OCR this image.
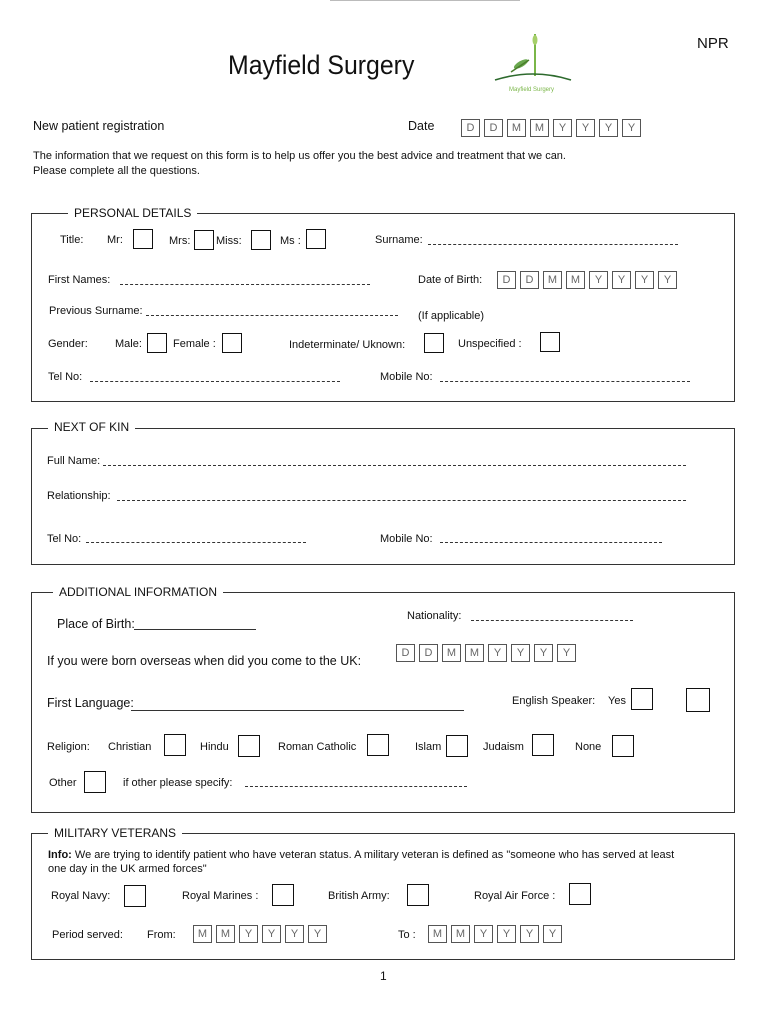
Mayfield Surgery
NPR
Mayfield Surgery
New patient registration	Date	D D M M Y Y Y Y
The information that we request on this form is to help us offer you the best advice and treatment that we can.
Please complete all the questions.
PERSONAL DETAILS
Title: Mr:	Mrs: Miss:	Ms :	Surname:
First Names:	Date of Birth:	D D M M Y Y Y Y
Previous Surname:	(If applicable)
Gender: Male:	Female :	Indeterminate/ Uknown:	Unspecified :
Tel No:	Mobile No:
NEXT OF KIN
Full Name:
Relationship:
Tel No:	Mobile No:
ADDITIONAL INFORMATION
Place of Birth:
Nationality:
If you were born overseas when did you come to the UK:
D D M M Y Y Y Y
First Language:	English Speaker: Yes
Religion: Christian	Hindu	Roman Catholic	Islam	Judaism	None
Other	if other please specify:
MILITARY VETERANS
Info: We are trying to identify patient who have veteran status. A military veteran is defined as "someone who has served at least
one day in the UK armed forces"
Royal Navy:	Royal Marines :	British Army:	Royal Air Force :
Period served: From:	M M Y Y Y Y	To :	M M Y Y Y Y
1
